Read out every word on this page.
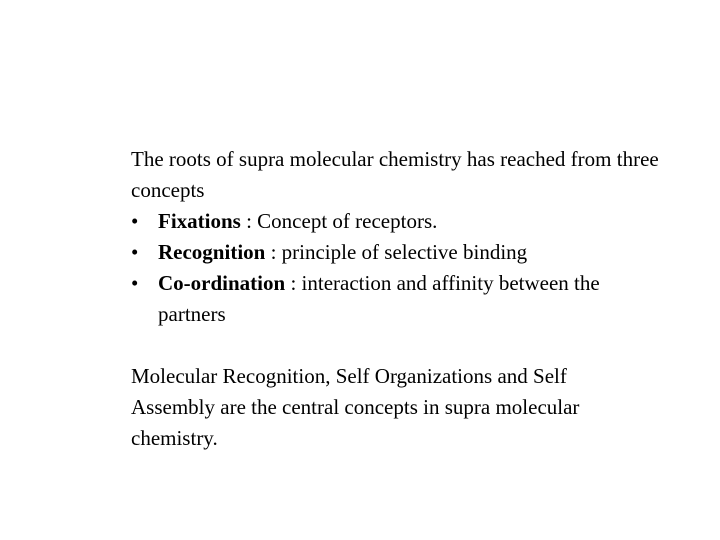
The roots of supra molecular chemistry has reached from three concepts

• Fixations : Concept of receptors.
• Recognition : principle of selective binding
• Co-ordination : interaction and affinity between the partners

Molecular Recognition, Self Organizations and Self Assembly are the central concepts in supra molecular chemistry.
